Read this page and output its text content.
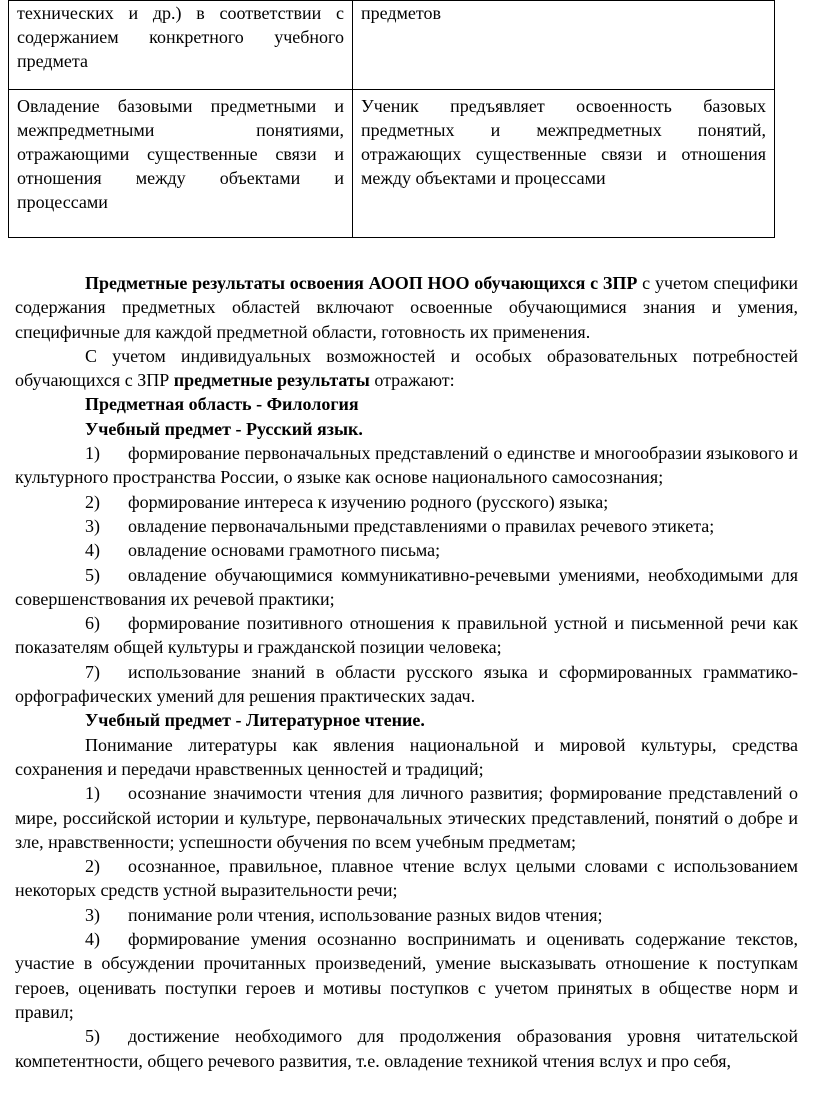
технических и др.) в соответствии с содержанием конкретного учебного предмета	предметов
Овладение базовыми предметными и межпредметными понятиями, отражающими существенные связи и отношения между объектами и процессами	Ученик предъявляет освоенность базовых предметных и межпредметных понятий, отражающих существенные связи и отношения между объектами и процессами

Предметные результаты освоения АООП НОО обучающихся с ЗПР с учетом специфики содержания предметных областей включают освоенные обучающимися знания и умения, специфичные для каждой предметной области, готовность их применения.

С учетом индивидуальных возможностей и особых образовательных потребностей обучающихся с ЗПР предметные результаты отражают:

Предметная область - Филология

Учебный предмет - Русский язык.

1) формирование первоначальных представлений о единстве и многообразии языкового и культурного пространства России, о языке как основе национального самосознания;

2) формирование интереса к изучению родного (русского) языка;

3) овладение первоначальными представлениями о правилах речевого этикета;

4) овладение основами грамотного письма;

5) овладение обучающимися коммуникативно-речевыми умениями, необходимыми для совершенствования их речевой практики;

6) формирование позитивного отношения к правильной устной и письменной речи как показателям общей культуры и гражданской позиции человека;

7) использование знаний в области русского языка и сформированных грамматико-орфографических умений для решения практических задач.

Учебный предмет - Литературное чтение.

Понимание литературы как явления национальной и мировой культуры, средства сохранения и передачи нравственных ценностей и традиций;

1) осознание значимости чтения для личного развития; формирование представлений о мире, российской истории и культуре, первоначальных этических представлений, понятий о добре и зле, нравственности; успешности обучения по всем учебным предметам;

2) осознанное, правильное, плавное чтение вслух целыми словами с использованием некоторых средств устной выразительности речи;

3) понимание роли чтения, использование разных видов чтения;

4) формирование умения осознанно воспринимать и оценивать содержание текстов, участие в обсуждении прочитанных произведений, умение высказывать отношение к поступкам героев, оценивать поступки героев и мотивы поступков с учетом принятых в обществе норм и правил;

5) достижение необходимого для продолжения образования уровня читательской компетентности, общего речевого развития, т.е. овладение техникой чтения вслух и про себя,
